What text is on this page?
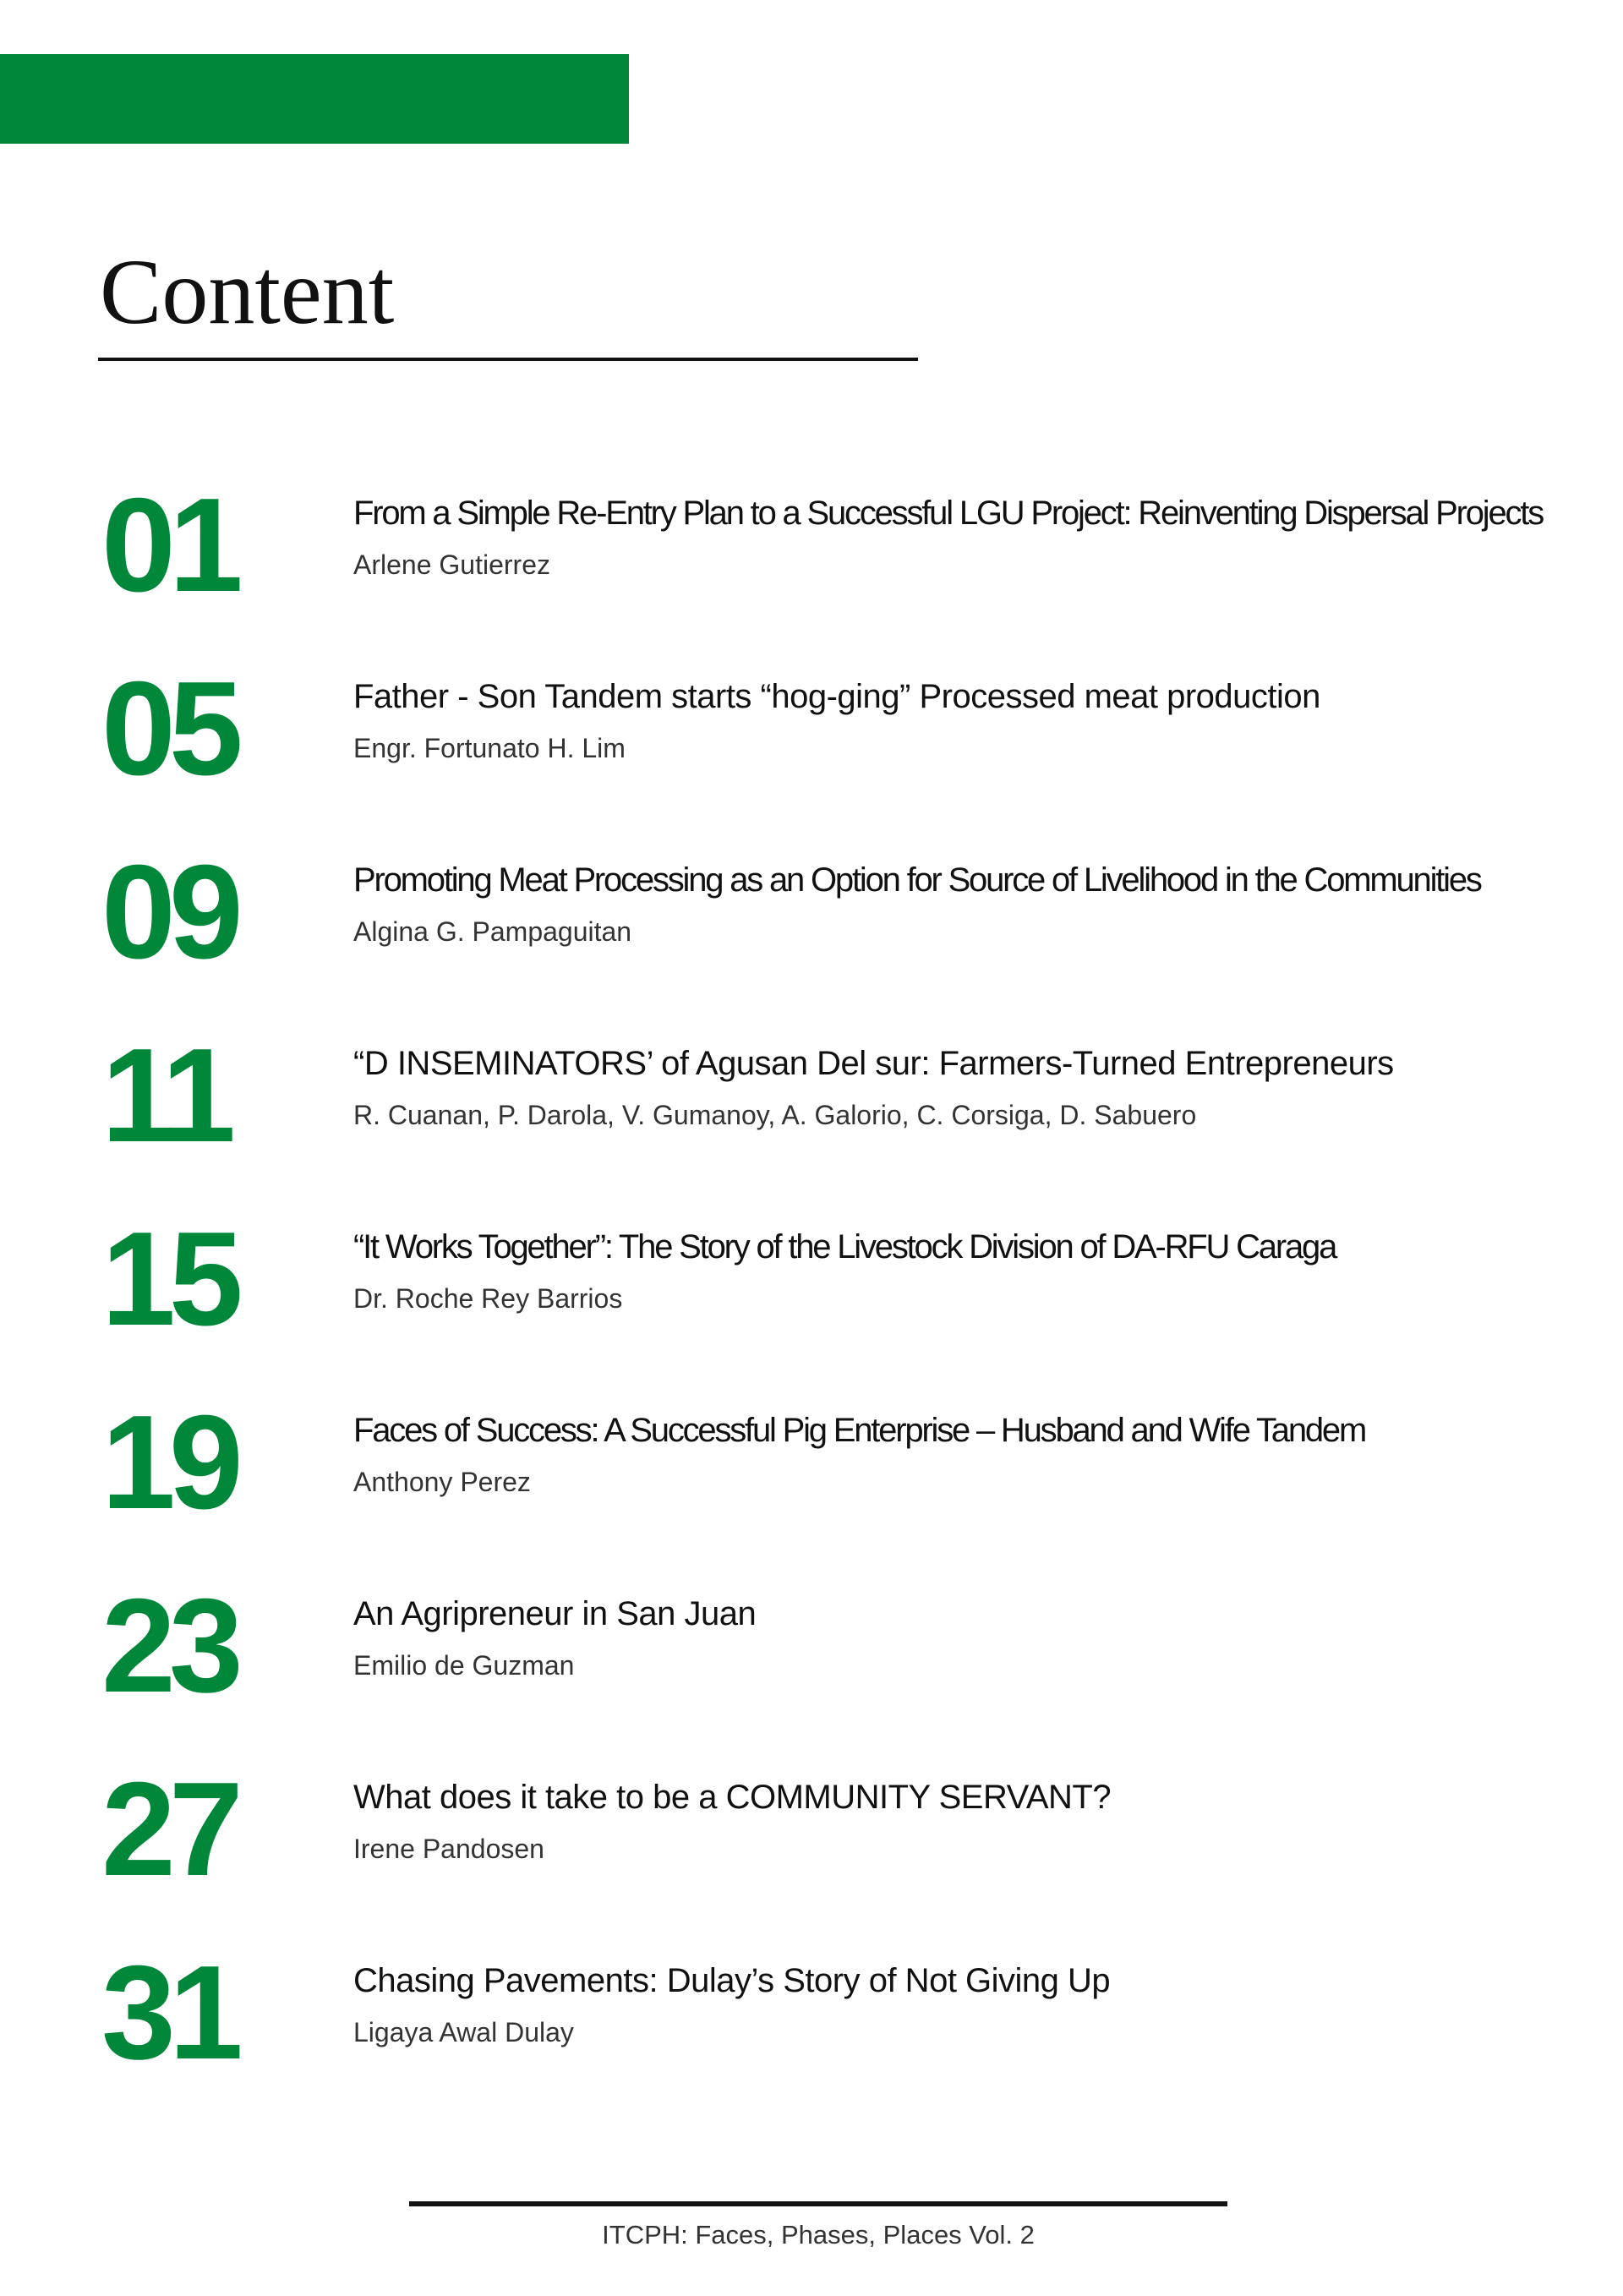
Content
01	From a Simple Re-Entry Plan to a Successful LGU Project: Reinventing Dispersal Projects
Arlene Gutierrez
05	Father - Son Tandem starts “hog-ging” Processed meat production
Engr. Fortunato H. Lim
09	Promoting Meat Processing as an Option for Source of Livelihood in the Communities
Algina G. Pampaguitan
11	“D INSEMINATORS’ of Agusan Del sur: Farmers-Turned Entrepreneurs
R. Cuanan, P. Darola, V. Gumanoy, A. Galorio, C. Corsiga, D. Sabuero
15	“It Works Together”: The Story of the Livestock Division of DA-RFU Caraga
Dr. Roche Rey Barrios
19	Faces of Success: A Successful Pig Enterprise – Husband and Wife Tandem
Anthony Perez
23	An Agripreneur in San Juan
Emilio de Guzman
27	What does it take to be a COMMUNITY SERVANT?
Irene Pandosen
31	Chasing Pavements: Dulay’s Story of Not Giving Up
Ligaya Awal Dulay
ITCPH: Faces, Phases, Places Vol. 2
